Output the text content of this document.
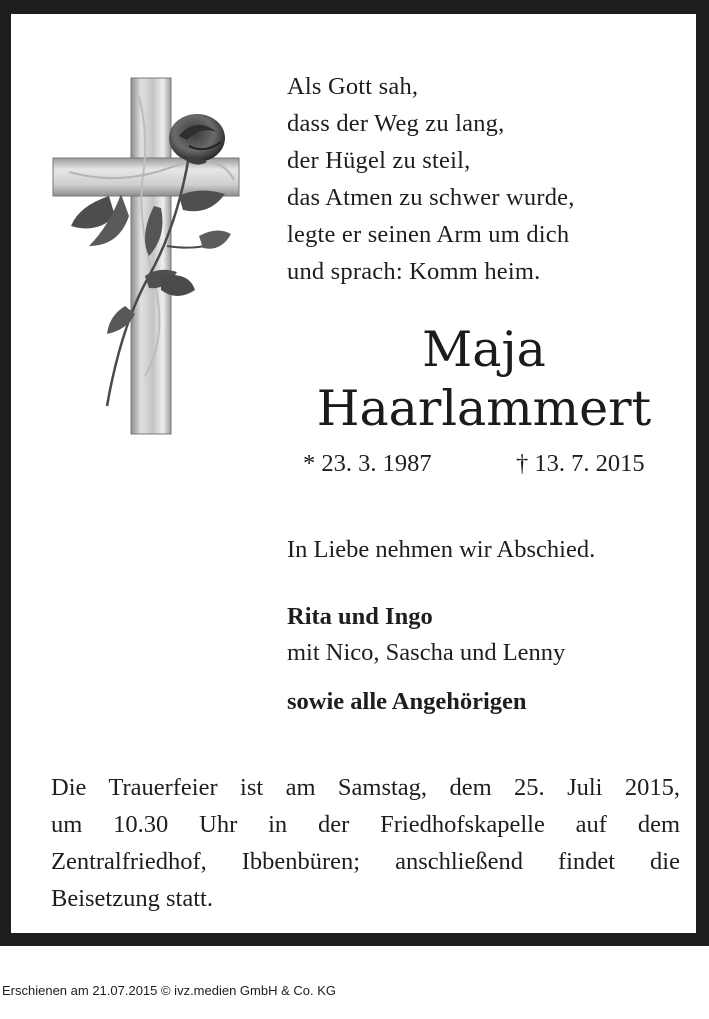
Als Gott sah,
dass der Weg zu lang,
der Hügel zu steil,
das Atmen zu schwer wurde,
legte er seinen Arm um dich
und sprach: Komm heim.
Maja
Haarlammert
* 23. 3. 1987	† 13. 7. 2015
In Liebe nehmen wir Abschied.
Rita und Ingo
mit Nico, Sascha und Lenny
sowie alle Angehörigen
Die Trauerfeier ist am Samstag, dem 25. Juli 2015,
um 10.30 Uhr in der Friedhofskapelle auf dem
Zentralfriedhof, Ibbenbüren; anschließend findet die
Beisetzung statt.
Erschienen am 21.07.2015 © ivz.medien GmbH & Co. KG
